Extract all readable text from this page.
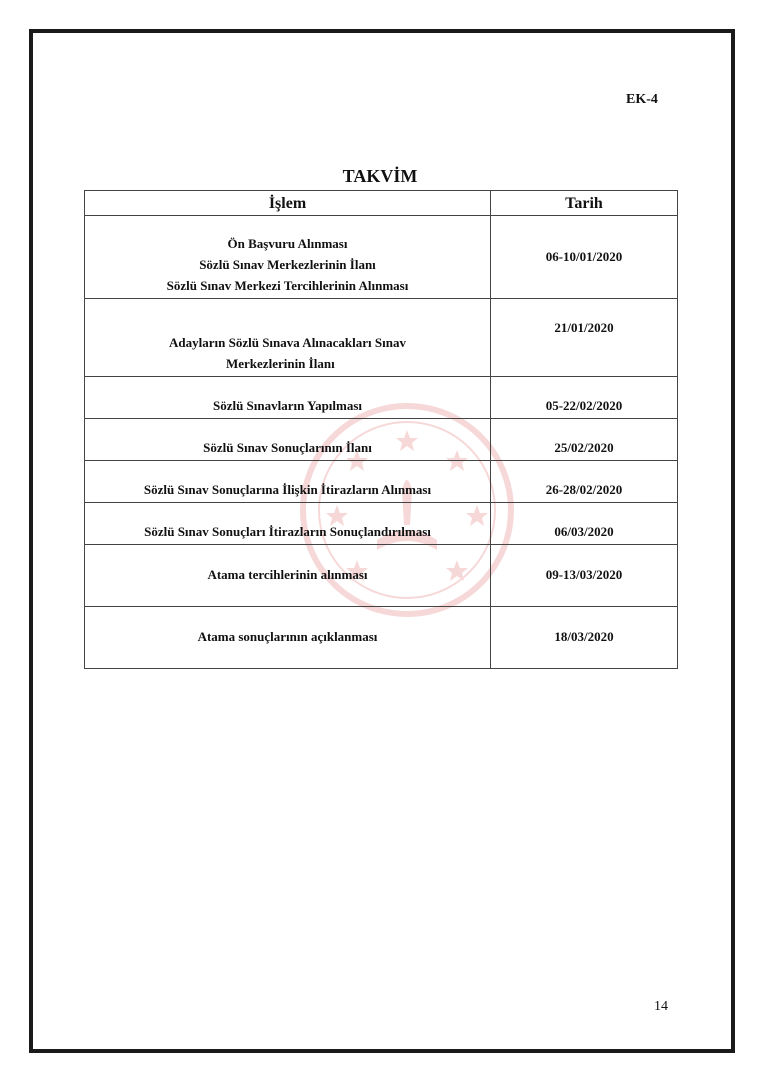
EK-4
TAKVİM
İşlem	Tarih

Ön Başvuru Alınması
Sözlü Sınav Merkezlerinin İlanı
Sözlü Sınav Merkezi Tercihlerinin Alınması	06-10/01/2020

Adayların Sözlü Sınava Alınacakları Sınav
Merkezlerinin İlanı	21/01/2020
Sözlü Sınavların Yapılması	05-22/02/2020
Sözlü Sınav Sonuçlarının İlanı	25/02/2020
Sözlü Sınav Sonuçlarına İlişkin İtirazların Alınması	26-28/02/2020
Sözlü Sınav Sonuçları İtirazların Sonuçlandırılması	06/03/2020
Atama tercihlerinin alınması	09-13/03/2020
Atama sonuçlarının açıklanması	18/03/2020
14
